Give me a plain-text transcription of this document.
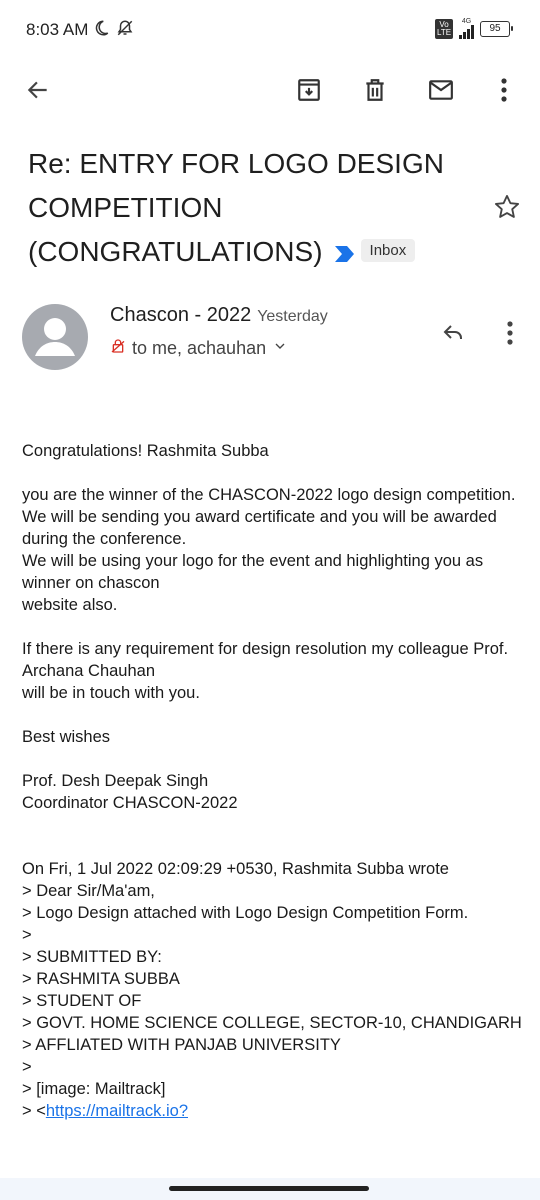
8:03 AM	Vo LTE
4G
95
Re: ENTRY FOR LOGO DESIGN COMPETITION (CONGRATULATIONS)	Inbox
Chascon - 2022 Yesterday
to me, achauhan

Congratulations! Rashmita Subba

you are the winner of the CHASCON-2022 logo design competition.

We will be sending you award certificate and you will be awarded during the conference.

We will be using your logo for the event and highlighting you as winner on chascon

website also.

If there is any requirement for design resolution my colleague Prof. Archana Chauhan

will be in touch with you.

Best wishes

Prof. Desh Deepak Singh

Coordinator CHASCON-2022

On Fri, 1 Jul 2022 02:09:29 +0530, Rashmita Subba wrote

> Dear Sir/Ma'am,

> Logo Design attached with Logo Design Competition Form.

>

> SUBMITTED BY:

> RASHMITA SUBBA

> STUDENT OF

> GOVT. HOME SCIENCE COLLEGE, SECTOR-10, CHANDIGARH

> AFFLIATED WITH PANJAB UNIVERSITY

>

> [image: Mailtrack]

> <https://mailtrack.io?
